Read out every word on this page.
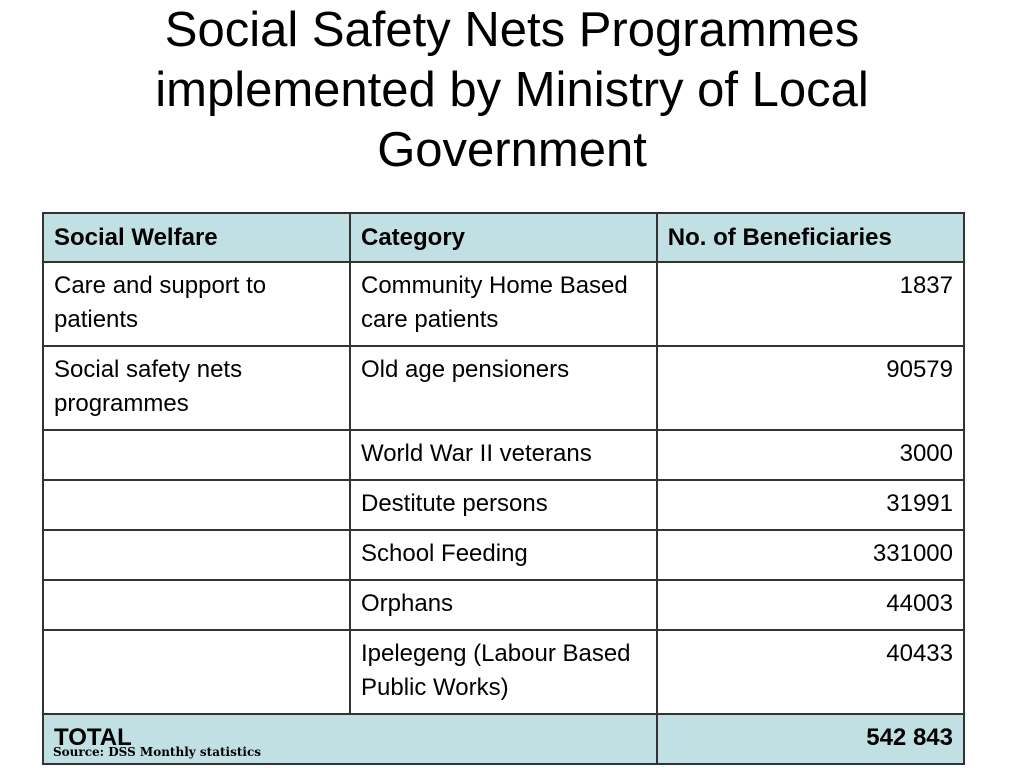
Social Safety Nets Programmes implemented by Ministry of Local Government
Social Welfare	Category	No. of Beneficiaries
Care and support to patients	Community Home Based care patients	1837
Social safety nets programmes	Old age pensioners	90579
	World War II veterans	3000
	Destitute persons	31991
	School Feeding	331000
	Orphans	44003
	Ipelegeng (Labour Based Public Works)	40433
TOTAL		542 843

Source: DSS Monthly statistics
